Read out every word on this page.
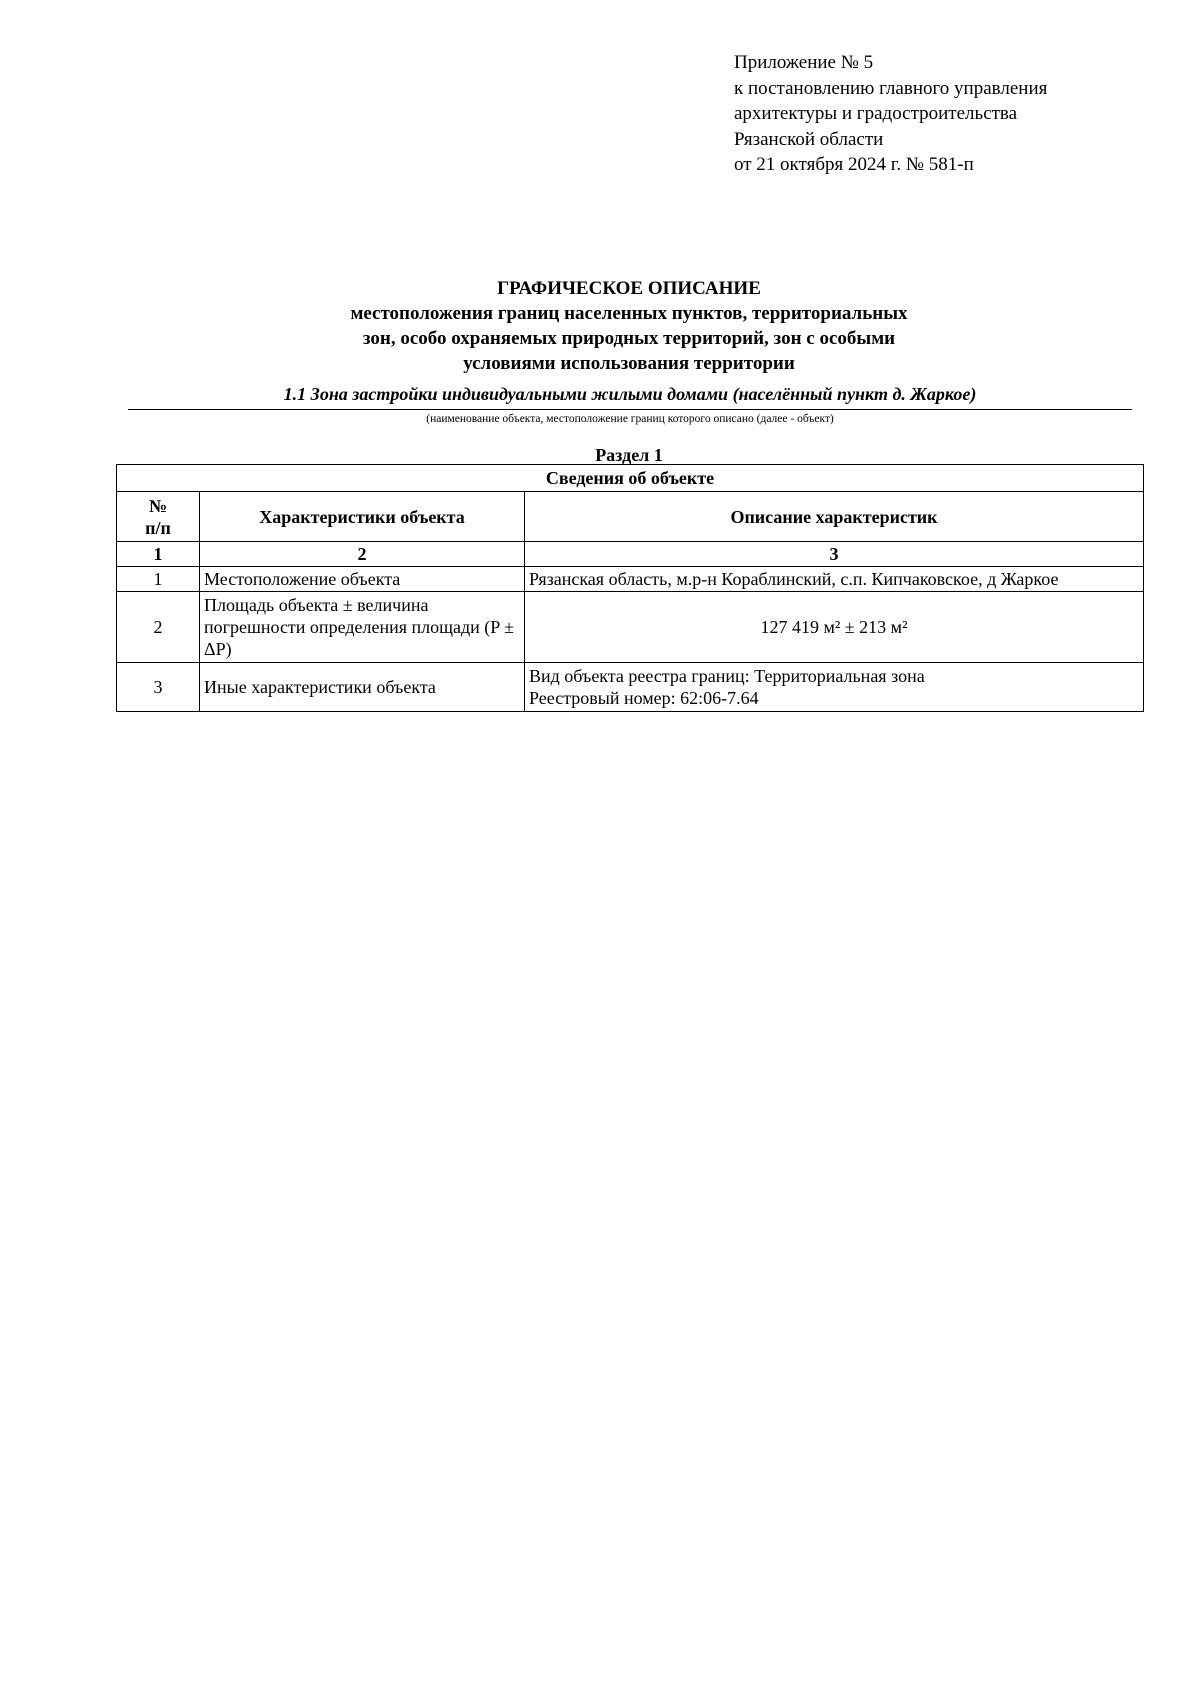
Приложение № 5
к постановлению главного управления
архитектуры и градостроительства
Рязанской области
от 21 октября 2024 г. № 581-п
ГРАФИЧЕСКОЕ ОПИСАНИЕ
местоположения границ населенных пунктов, территориальных
зон, особо охраняемых природных территорий, зон с особыми
условиями использования территории
1.1 Зона застройки индивидуальными жилыми домами (населённый пункт д. Жаркое)
(наименование объекта, местоположение границ которого описано (далее - объект)
Раздел 1
Сведения об объекте		

№
п/п	Характеристики объекта	Описание характеристик
1	2	3
1	Местоположение объекта	Рязанская область, м.р-н Кораблинский, с.п. Кипчаковское, д Жаркое
2	Площадь объекта ± величина погрешности определения площади (P ± ΔP)	127 419 м² ± 213 м²
3	Иные характеристики объекта	Вид объекта реестра границ: Территориальная зона
Реестровый номер: 62:06-7.64
